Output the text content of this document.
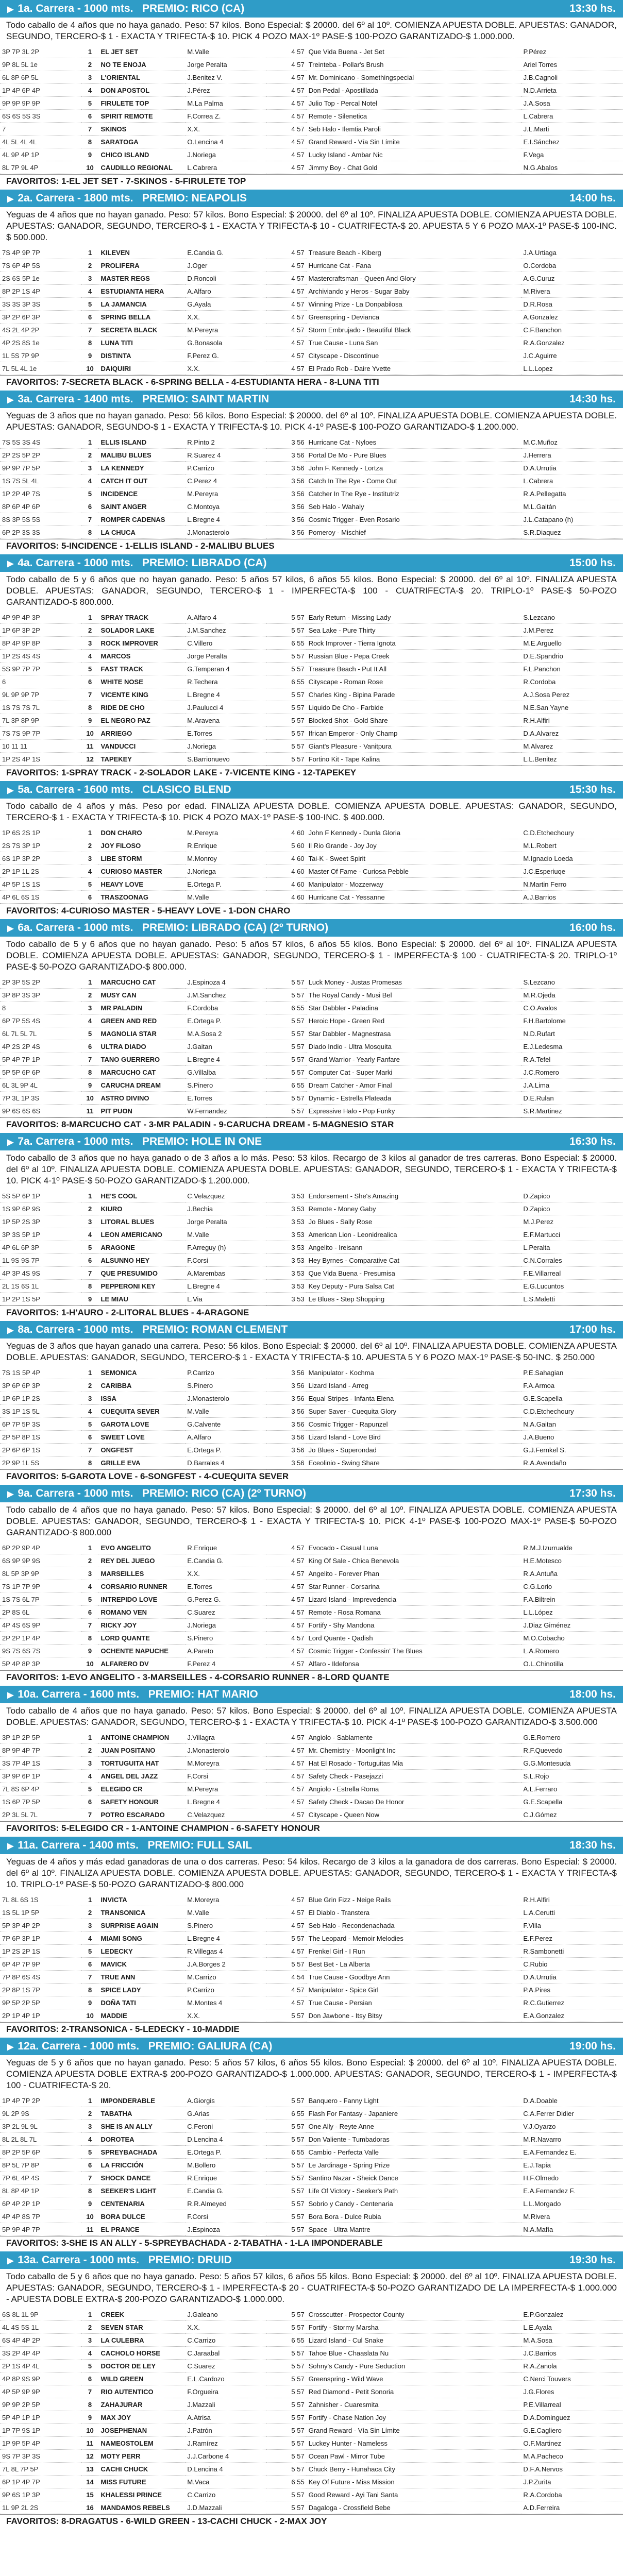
▶ 1a. Carrera - 1000 mts. PREMIO: RICO (CA)	13:30 hs.
Todo caballo de 4 años que no haya ganado. Peso: 57 kilos. Bono Especial: $ 20000. del 6º al 10º. COMIENZA APUESTA DOBLE. APUESTAS: GANADOR, SEGUNDO, TERCERO-$ 1 - EXACTA Y TRIFECTA-$ 10. PICK 4 POZO MAX-1º PASE-$ 100-POZO GARANTIZADO-$ 1.000.000.
3P 7P 3L 2P	1	EL JET SET	M.Valle	4 57	Que Vida Buena - Jet Set	P.Pérez
9P 8L 5L 1e	2	NO TE ENOJA	Jorge Peralta	4 57	Treinteba - Pollar's Brush	Ariel Torres
6L 8P 6P 5L	3	L'ORIENTAL	J.Benitez V.	4 57	Mr. Dominicano - Somethingspecial	J.B.Cagnoli
1P 4P 6P 4P	4	DON APOSTOL	J.Pérez	4 57	Don Pedal - Apostillada	N.D.Arrieta
9P 9P 9P 9P	5	FIRULETE TOP	M.La Palma	4 57	Julio Top - Percal Notel	J.A.Sosa
6S 6S 5S 3S	6	SPIRIT REMOTE	F.Correa Z.	4 57	Remote - Silenetica	L.Cabrera
7	7	SKINOS	X.X.	4 57	Seb Halo - Ilemtia Paroli	J.L.Marti
4L 5L 4L 4L	8	SARATOGA	O.Lencina 4	4 57	Grand Reward - Vía Sin Límite	E.I.Sánchez
4L 9P 4P 1P	9	CHICO ISLAND	J.Noriega	4 57	Lucky Island - Ambar Nic	F.Vega
8L 7P 9L 4P	10	CAUDILLO REGIONAL	L.Cabrera	4 57	Jimmy Boy - Chat Gold	N.G.Abalos
FAVORITOS: 1-EL JET SET - 7-SKINOS - 5-FIRULETE TOP
▶ 2a. Carrera - 1800 mts. PREMIO: NEAPOLIS	14:00 hs.
Yeguas de 4 años que no hayan ganado. Peso: 57 kilos. Bono Especial: $ 20000. del 6º al 10º. FINALIZA APUESTA DOBLE. COMIENZA APUESTA DOBLE. APUESTAS: GANADOR, SEGUNDO, TERCERO-$ 1 - EXACTA Y TRIFECTA-$ 10 - CUATRIFECTA-$ 20. APUESTA 5 Y 6 POZO MAX-1º PASE-$ 100-INC. $ 500.000.
7S 4P 9P 7P	1	KILEVEN	E.Candia G.	4 57	Treasure Beach - Kiberg	J.A.Urtiaga
7S 6P 4P 5S	2	PROLIFERA	J.Oger	4 57	Hurricane Cat - Fana	O.Cordoba
2S 6S 5P 1e	3	MASTER REGS	D.Roncoli	4 57	Mastercraftsman - Queen And Glory	A.G.Curuz
8P 2P 1S 4P	4	ESTUDIANTA HERA	A.Alfaro	4 57	Archiviando y Heros - Sugar Baby	M.Rivera
3S 3S 3P 3S	5	LA JAMANCIA	G.Ayala	4 57	Winning Prize - La Donpabilosa	D.R.Rosa
3P 2P 6P 3P	6	SPRING BELLA	X.X.	4 57	Greenspring - Devianca	A.Gonzalez
4S 2L 4P 2P	7	SECRETA BLACK	M.Pereyra	4 57	Storm Embrujado - Beautiful Black	C.F.Banchon
4P 2S 8S 1e	8	LUNA TITI	G.Bonasola	4 57	True Cause - Luna San	R.A.Gonzalez
1L 5S 7P 9P	9	DISTINTA	F.Perez G.	4 57	Cityscape - Discontinue	J.C.Aguirre
7L 5L 4L 1e	10	DAIQUIRI	X.X.	4 57	El Prado Rob - Daire Yvette	L.L.Lopez
FAVORITOS: 7-SECRETA BLACK - 6-SPRING BELLA - 4-ESTUDIANTA HERA - 8-LUNA TITI
▶ 3a. Carrera - 1400 mts. PREMIO: SAINT MARTIN	14:30 hs.
Yeguas de 3 años que no hayan ganado. Peso: 56 kilos. Bono Especial: $ 20000. del 6º al 10º. FINALIZA APUESTA DOBLE. COMIENZA APUESTA DOBLE. APUESTAS: GANADOR, SEGUNDO-$ 1 - EXACTA Y TRIFECTA-$ 10. PICK 4-1º PASE-$ 100-POZO GARANTIZADO-$ 1.200.000.
7S 5S 3S 4S	1	ELLIS ISLAND	R.Pinto 2	3 56	Hurricane Cat - Nyloes	M.C.Muñoz
2P 2S 5P 2P	2	MALIBU BLUES	R.Suarez 4	3 56	Portal De Mo - Pure Blues	J.Herrera
9P 9P 7P 5P	3	LA KENNEDY	P.Carrizo	3 56	John F. Kennedy - Lortza	D.A.Urrutia
1S 7S 5L 4L	4	CATCH IT OUT	C.Perez 4	3 56	Catch In The Rye - Come Out	L.Cabrera
1P 2P 4P 7S	5	INCIDENCE	M.Pereyra	3 56	Catcher In The Rye - Institutriz	R.A.Pellegatta
8P 6P 4P 6P	6	SAINT ANGER	C.Montoya	3 56	Seb Halo - Wahaly	M.L.Gaitán
8S 3P 5S 5S	7	ROMPER CADENAS	L.Bregne 4	3 56	Cosmic Trigger - Even Rosario	J.L.Catapano (h)
6P 2P 3S 3S	8	LA CHUCA	J.Monasterolo	3 56	Pomeroy - Mischief	S.R.Diaquez
FAVORITOS: 5-INCIDENCE - 1-ELLIS ISLAND - 2-MALIBU BLUES
▶ 4a. Carrera - 1000 mts. PREMIO: LIBRADO (CA)	15:00 hs.
Todo caballo de 5 y 6 años que no hayan ganado. Peso: 5 años 57 kilos, 6 años 55 kilos. Bono Especial: $ 20000. del 6º al 10º. FINALIZA APUESTA DOBLE. APUESTAS: GANADOR, SEGUNDO, TERCERO-$ 1 - IMPERFECTA-$ 100 - CUATRIFECTA-$ 20. TRIPLO-1º PASE-$ 50-POZO GARANTIZADO-$ 800.000.
4P 9P 4P 3P	1	SPRAY TRACK	A.Alfaro 4	5 57	Early Return - Missing Lady	S.Lezcano
1P 6P 3P 2P	2	SOLADOR LAKE	J.M.Sanchez	5 57	Sea Lake - Pure Thirty	J.M.Perez
8P 4P 9P 8P	3	ROCK IMPROVER	C.Villero	6 55	Rock Improver - Tierra Ignota	M.E.Arguello
1P 2S 4S 4S	4	MARCOS	Jorge Peralta	5 57	Russian Blue - Pepa Creek	D.E.Spandrio
5S 9P 7P 7P	5	FAST TRACK	G.Temperan 4	5 57	Treasure Beach - Put It All	F.L.Panchon
6	6	WHITE NOSE	R.Techera	6 55	Cityscape - Roman Rose	R.Cordoba
9L 9P 9P 7P	7	VICENTE KING	L.Bregne 4	5 57	Charles King - Bipina Parade	A.J.Sosa Perez
1S 7S 7S 7L	8	RIDE DE CHO	J.Paulucci 4	5 57	Liquido De Cho - Farbide	N.E.San Yayne
7L 3P 8P 9P	9	EL NEGRO PAZ	M.Aravena	5 57	Blocked Shot - Gold Share	R.H.Alfiri
7S 7S 9P 7P	10	ARRIEGO	E.Torres	5 57	Ifrican Emperor - Only Champ	D.A.Alvarez
10 11 11	11	VANDUCCI	J.Noriega	5 57	Giant's Pleasure - Vanitpura	M.Alvarez
1P 2S 4P 1S	12	TAPEKEY	S.Barrionuevo	5 57	Fortino Kit - Tape Kalina	L.L.Benitez
FAVORITOS: 1-SPRAY TRACK - 2-SOLADOR LAKE - 7-VICENTE KING - 12-TAPEKEY
▶ 5a. Carrera - 1600 mts. CLASICO BLEND	15:30 hs.
Todo caballo de 4 años y más. Peso por edad. FINALIZA APUESTA DOBLE. COMIENZA APUESTA DOBLE. APUESTAS: GANADOR, SEGUNDO, TERCERO-$ 1 - EXACTA Y TRIFECTA-$ 10. PICK 4 POZO MAX-1º PASE-$ 100-INC. $ 400.000.
1P 6S 2S 1P	1	DON CHARO	M.Pereyra	4 60	John F Kennedy - Dunla Gloria	C.D.Etchechoury
2S 7S 3P 1P	2	JOY FILOSO	R.Enrique	5 60	Il Rio Grande - Joy Joy	M.L.Robert
6S 1P 3P 2P	3	LIBE STORM	M.Monroy	4 60	Tai-K - Sweet Spirit	M.Ignacio Loeda
2P 1P 1L 2S	4	CURIOSO MASTER	J.Noriega	4 60	Master Of Fame - Curiosa Pebble	J.C.Esperiuqe
4P 5P 1S 1S	5	HEAVY LOVE	E.Ortega P.	4 60	Manipulator - Mozzerway	N.Martin Ferro
4P 6L 6S 1S	6	TRASZOONAG	M.Valle	4 60	Hurricane Cat - Yessanne	A.J.Barrios
FAVORITOS: 4-CURIOSO MASTER - 5-HEAVY LOVE - 1-DON CHARO
▶ 6a. Carrera - 1000 mts. PREMIO: LIBRADO (CA) (2º TURNO)	16:00 hs.
Todo caballo de 5 y 6 años que no hayan ganado. Peso: 5 años 57 kilos, 6 años 55 kilos. Bono Especial: $ 20000. del 6º al 10º. FINALIZA APUESTA DOBLE. COMIENZA APUESTA DOBLE. APUESTAS: GANADOR, SEGUNDO, TERCERO-$ 1 - IMPERFECTA-$ 100 - CUATRIFECTA-$ 20. TRIPLO-1º PASE-$ 50-POZO GARANTIZADO-$ 800.000.
2P 3P 5S 2P	1	MARCUCHO CAT	J.Espinoza 4	5 57	Luck Money - Justas Promesas	S.Lezcano
3P 8P 3S 3P	2	MUSY CAN	J.M.Sanchez	5 57	The Royal Candy - Musi Bel	M.R.Ojeda
8	3	MR PALADIN	F.Cordoba	6 55	Star Dabbler - Paladina	C.O.Avalos
6P 7P 5S 4S	4	GREEN AND RED	E.Ortega P.	5 57	Heroic Hope - Green Red	F.H.Bartolome
6L 7L 5L 7L	5	MAGNOLIA STAR	M.A.Sosa 2	5 57	Star Dabbler - Magnestrasa	N.D.Rufart
4P 2S 2P 4S	6	ULTRA DIADO	J.Gaitan	5 57	Diado Indio - Ultra Mosquita	E.J.Ledesma
5P 4P 7P 1P	7	TANO GUERRERO	L.Bregne 4	5 57	Grand Warrior - Yearly Fanfare	R.A.Tefel
5P 5P 6P 6P	8	MARCUCHO CAT	G.Villalba	5 57	Computer Cat - Super Marki	J.C.Romero
6L 3L 9P 4L	9	CARUCHA DREAM	S.Pinero	6 55	Dream Catcher - Amor Final	J.A.Lima
7P 3L 1P 3S	10	ASTRO DIVINO	E.Torres	5 57	Dynamic - Estrella Plateada	D.E.Rulan
9P 6S 6S 6S	11	PIT PUON	W.Fernandez	5 57	Expressive Halo - Pop Funky	S.R.Martinez
FAVORITOS: 8-MARCUCHO CAT - 3-MR PALADIN - 9-CARUCHA DREAM - 5-MAGNESIO STAR
▶ 7a. Carrera - 1000 mts. PREMIO: HOLE IN ONE	16:30 hs.
Todo caballo de 3 años que no haya ganado o de 3 años a lo más. Peso: 53 kilos. Recargo de 3 kilos al ganador de tres carreras. Bono Especial: $ 20000. del 6º al 10º. FINALIZA APUESTA DOBLE. COMIENZA APUESTA DOBLE. APUESTAS: GANADOR, SEGUNDO, TERCERO-$ 1 - EXACTA Y TRIFECTA-$ 10. PICK 4-1º PASE-$ 50-POZO GARANTIZADO-$ 1.200.000.
5S 5P 6P 1P	1	HE'S COOL	C.Velazquez	3 53	Endorsement - She's Amazing	D.Zapico
1S 9P 6P 9S	2	KIURO	J.Bechia	3 53	Remote - Money Gaby	D.Zapico
1P 5P 2S 3P	3	LITORAL BLUES	Jorge Peralta	3 53	Jo Blues - Sally Rose	M.J.Perez
3P 3S 5P 1P	4	LEON AMERICANO	M.Valle	3 53	American Lion - Leonidrealica	E.F.Martucci
4P 6L 6P 3P	5	ARAGONE	F.Arreguy (h)	3 53	Angelito - Ireisann	L.Peralta
1L 9S 9S 7P	6	ALSUNNO HEY	F.Corsi	3 53	Hey Byrnes - Comparative Cat	C.N.Corrales
4P 3P 4S 9S	7	QUE PRESUMIDO	A.Marembas	3 53	Que Vida Buena - Presumisa	F.E.Villarreal
2L 1S 6S 1L	8	PEPPERONI KEY	L.Bregne 4	3 53	Key Deputy - Pura Salsa Cat	E.G.Lucuntos
1P 2P 1S 5P	9	LE MIAU	L.Via	3 53	Le Blues - Step Shopping	L.S.Maletti
FAVORITOS: 1-H'AURO - 2-LITORAL BLUES - 4-ARAGONE
▶ 8a. Carrera - 1000 mts. PREMIO: ROMAN CLEMENT	17:00 hs.
Yeguas de 3 años que hayan ganado una carrera. Peso: 56 kilos. Bono Especial: $ 20000. del 6º al 10º. FINALIZA APUESTA DOBLE. COMIENZA APUESTA DOBLE. APUESTAS: GANADOR, SEGUNDO, TERCERO-$ 1 - EXACTA Y TRIFECTA-$ 10. APUESTA 5 Y 6 POZO MAX-1º PASE-$ 50-INC. $ 250.000
7S 1S 5P 4P	1	SEMONICA	P.Carrizo	3 56	Manipulator - Kochma	P.E.Sahagian
3P 6P 6P 3P	2	CARIBBA	S.Pinero	3 56	Lizard Island - Arreg	F.A.Armoa
1P 6P 1P 2S	3	ISSA	J.Monasterolo	3 56	Equal Stripes - Infanta Elena	G.E.Scapella
3S 1P 1S 5L	4	CUEQUITA SEVER	M.Valle	3 56	Super Saver - Cuequita Glory	C.D.Etchechoury
6P 7P 5P 3S	5	GAROTA LOVE	G.Calvente	3 56	Cosmic Trigger - Rapunzel	N.A.Gaitan
2P 5P 8P 1S	6	SWEET LOVE	A.Alfaro	3 56	Lizard Island - Love Bird	J.A.Bueno
2P 6P 6P 1S	7	ONGFEST	E.Ortega P.	3 56	Jo Blues - Superondad	G.J.Fernkel S.
2P 9P 1L 5S	8	GRILLE EVA	D.Barrales 4	3 56	Eceolinio - Swing Share	R.A.Avendaño
FAVORITOS: 5-GAROTA LOVE - 6-SONGFEST - 4-CUEQUITA SEVER
▶ 9a. Carrera - 1000 mts. PREMIO: RICO (CA) (2º TURNO)	17:30 hs.
Todo caballo de 4 años que no haya ganado. Peso: 57 kilos. Bono Especial: $ 20000. del 6º al 10º. FINALIZA APUESTA DOBLE. COMIENZA APUESTA DOBLE. APUESTAS: GANADOR, SEGUNDO, TERCERO-$ 1 - EXACTA Y TRIFECTA-$ 10. PICK 4-1º PASE-$ 100-POZO MAX-1º PASE-$ 50-POZO GARANTIZADO-$ 800.000
6P 2P 9P 4P	1	EVO ANGELITO	R.Enrique	4 57	Evocado - Casual Luna	R.M.J.Izurrualde
6S 9P 9P 9S	2	REY DEL JUEGO	E.Candia G.	4 57	King Of Sale - Chica Benevola	H.E.Motesco
8L 5P 3P 9P	3	MARSEILLES	X.X.	4 57	Angelito - Forever Phan	R.A.Antuña
7S 1P 7P 9P	4	CORSARIO RUNNER	E.Torres	4 57	Star Runner - Corsarina	C.G.Lorio
1S 7S 6L 7P	5	INTREPIDO LOVE	G.Perez G.	4 57	Lizard Island - Imprevedencia	F.A.Biltrein
2P 8S 6L	6	ROMANO VEN	C.Suarez	4 57	Remote - Rosa Romana	L.L.López
4P 4S 6S 9P	7	RICKY JOY	J.Noriega	4 57	Fortify - Shy Mandona	J.Diaz Giménez
2P 2P 1P 4P	8	LORD QUANTE	S.Pinero	4 57	Lord Quante - Qadish	M.O.Cobacho
9S 7S 6S 7S	9	OCHENTE NAPUCHE	A.Pareto	4 57	Cosmic Trigger - Confessin' The Blues	L.A.Romero
5P 4P 8P 3P	10	ALFARERO DV	F.Perez 4	4 57	Alfaro - Ildefonsa	O.L.Chinotilla
FAVORITOS: 1-EVO ANGELITO - 3-MARSEILLES - 4-CORSARIO RUNNER - 8-LORD QUANTE
▶ 10a. Carrera - 1600 mts. PREMIO: HAT MARIO	18:00 hs.
Todo caballo de 4 años que no haya ganado. Peso: 57 kilos. Bono Especial: $ 20000. del 6º al 10º. FINALIZA APUESTA DOBLE. COMIENZA APUESTA DOBLE. APUESTAS: GANADOR, SEGUNDO, TERCERO-$ 1 - EXACTA Y TRIFECTA-$ 10. PICK 4-1º PASE-$ 100-POZO GARANTIZADO-$ 3.500.000
3P 1P 2P 5P	1	ANTOINE CHAMPION	J.Villagra	4 57	Angiolo - Sablamente	G.E.Romero
8P 9P 4P 7P	2	JUAN POSITANO	J.Monasterolo	4 57	Mr. Chemistry - Moonlight Inc	R.F.Quevedo
3S 7P 4P 1S	3	TORTUGUITA HAT	M.Moreyra	4 57	Hat El Rosado - Tortuguitas Mia	G.G.Montesuda
3P 9P 6P 1P	4	ANGEL DEL JAZZ	F.Corsi	4 57	Safety Check - Pasejazzi	S.L.Rojo
7L 8S 6P 4P	5	ELEGIDO CR	M.Pereyra	4 57	Angiolo - Estrella Roma	A.L.Ferraro
1S 6P 7P 5P	6	SAFETY HONOUR	L.Bregne 4	4 57	Safety Check - Dacao De Honor	G.E.Scapella
2P 3L 5L 7L	7	POTRO ESCARADO	C.Velazquez	4 57	Cityscape - Queen Now	C.J.Gómez
FAVORITOS: 5-ELEGIDO CR - 1-ANTOINE CHAMPION - 6-SAFETY HONOUR
▶ 11a. Carrera - 1400 mts. PREMIO: FULL SAIL	18:30 hs.
Yeguas de 4 años y más edad ganadoras de una o dos carreras. Peso: 54 kilos. Recargo de 3 kilos a la ganadora de dos carreras. Bono Especial: $ 20000. del 6º al 10º. FINALIZA APUESTA DOBLE. COMIENZA APUESTA DOBLE. APUESTAS: GANADOR, SEGUNDO, TERCERO-$ 1 - EXACTA Y TRIFECTA-$ 10. TRIPLO-1º PASE-$ 50-POZO GARANTIZADO-$ 800.000
7L 8L 6S 1S	1	INVICTA	M.Moreyra	4 57	Blue Grin Fizz - Neige Rails	R.H.Alfiri
1S 5L 1P 5P	2	TRANSONICA	M.Valle	4 57	El Diablo - Transtera	L.A.Cerutti
5P 3P 4P 2P	3	SURPRISE AGAIN	S.Pinero	4 57	Seb Halo - Recondenachada	F.Villa
7P 6P 3P 1P	4	MIAMI SONG	L.Bregne 4	5 57	The Leopard - Memoir Melodies	E.F.Perez
1P 2S 2P 1S	5	LEDECKY	R.Villegas 4	4 57	Frenkel Girl - I Run	R.Sambonetti
6P 4P 7P 9P	6	MAVICK	J.A.Borges 2	5 57	Best Bet - La Alberta	C.Rubio
7P 8P 6S 4S	7	TRUE ANN	M.Carrizo	4 54	True Cause - Goodbye Ann	D.A.Urrutia
2P 8P 1S 7P	8	SPICE LADY	P.Carrizo	4 57	Manipulator - Spice Girl	P.A.Pires
9P 5P 2P 5P	9	DOÑA TATI	M.Montes 4	4 57	True Cause - Persian	R.C.Gutierrez
2P 1P 4P 1P	10	MADDIE	X.X.	5 57	Don Jawbone - Itsy Bitsy	E.A.Gonzalez
FAVORITOS: 2-TRANSONICA - 5-LEDECKY - 10-MADDIE
▶ 12a. Carrera - 1000 mts. PREMIO: GALIURA (CA)	19:00 hs.
Yeguas de 5 y 6 años que no hayan ganado. Peso: 5 años 57 kilos, 6 años 55 kilos. Bono Especial: $ 20000. del 6º al 10º. FINALIZA APUESTA DOBLE. COMIENZA APUESTA DOBLE EXTRA-$ 200-POZO GARANTIZADO-$ 1.000.000. APUESTAS: GANADOR, SEGUNDO, TERCERO-$ 1 - IMPERFECTA-$ 100 - CUATRIFECTA-$ 20.
1P 4P 7P 2P	1	IMPONDERABLE	A.Giorgis	5 57	Banquero - Fanny Light	D.A.Doable
9L 2P 9S	2	TABATHA	G.Arias	6 55	Flash For Fantasy - Japaniere	C.A.Ferrer Didier
3P 2L 9L 9L	3	SHE IS AN ALLY	C.Feroni	5 57	One Ally - Reyte Anne	V.J.Oyarzo
8L 2L 8L 7L	4	DOROTEA	D.Lencina 4	5 57	Don Valiente - Tumbadoras	M.R.Navarro
8P 2P 5P 6P	5	SPREYBACHADA	E.Ortega P.	6 55	Cambio - Perfecta Valle	E.A.Fernandez E.
8P 5L 7P 8P	6	LA FRICCIÓN	M.Bollero	5 57	Le Jardinage - Spring Prize	E.J.Tapia
7P 6L 4P 4S	7	SHOCK DANCE	R.Enrique	5 57	Santino Nazar - Sheick Dance	H.F.Olmedo
8L 8P 4P 1P	8	SEEKER'S LIGHT	E.Candia G.	5 57	Life Of Victory - Seeker's Path	E.A.Fernandez F.
6P 4P 2P 1P	9	CENTENARIA	R.R.Almeyed	5 57	Sobrio y Candy - Centenaria	L.L.Morgado
4P 4P 8S 7P	10	BORA DULCE	F.Corsi	5 57	Bora Bora - Dulce Rubia	M.Rivera
5P 9P 4P 7P	11	EL PRANCE	J.Espinoza	5 57	Space - Ultra Mantre	N.A.Mafía
FAVORITOS: 3-SHE IS AN ALLY - 5-SPREYBACHADA - 2-TABATHA - 1-LA IMPONDERABLE
▶ 13a. Carrera - 1000 mts. PREMIO: DRUID	19:30 hs.
Todo caballo de 5 y 6 años que no haya ganado. Peso: 5 años 57 kilos, 6 años 55 kilos. Bono Especial: $ 20000. del 6º al 10º. FINALIZA APUESTA DOBLE. APUESTAS: GANADOR, SEGUNDO, TERCERO-$ 1 - IMPERFECTA-$ 20 - CUATRIFECTA-$ 50-POZO GARANTIZADO DE LA IMPERFECTA-$ 1.000.000 - APUESTA DOBLE EXTRA-$ 200-POZO GARANTIZADO-$ 1.000.000.
6S 8L 1L 9P	1	CREEK	J.Galeano	5 57	Crosscutter - Prospector County	E.P.Gonzalez
4L 4S 5S 1L	2	SEVEN STAR	X.X.	5 57	Fortify - Stormy Marsha	L.E.Ayala
6S 4P 4P 2P	3	LA CULEBRA	C.Carrizo	6 55	Lizard Island - Cul Snake	M.A.Sosa
3S 2P 4P 4P	4	CACHOLO HORSE	C.Jaraabal	5 57	Tahoe Blue - Chaaslata Nu	J.C.Barrios
2P 1S 4P 4L	5	DOCTOR DE LEY	C.Suarez	5 57	Sohny's Candy - Pure Seduction	R.A.Zanola
4P 8P 9S 9P	6	WILD GREEN	E.L.Cardozo	5 57	Greenspring - Wild Wave	C.Nerci Touvers
4P 5P 9P 9P	7	RIO AUTENTICO	F.Orgueira	5 57	Red Diamond - Petit Sonoria	J.G.Flores
9P 9P 2P 5P	8	ZAHAJURAR	J.Mazzali	5 57	Zahnisher - Cuaresmita	P.E.Villarreal
5P 4P 1P 1P	9	MAX JOY	A.Atrisa	5 57	Fortify - Chase Nation Joy	D.A.Dominguez
1P 7P 9S 1P	10	JOSEPHENAN	J.Patrón	5 57	Grand Reward - Vía Sin Límite	G.E.Cagliero
1P 9P 5P 4P	11	NAMEOSTOLEM	J.Ramírez	5 57	Luckey Hunter - Nameless	O.F.Martinez
9S 7P 3P 3S	12	MOTY PERR	J.J.Carbone 4	5 57	Ocean Pawl - Mirror Tube	M.A.Pacheco
7L 8L 7P 5P	13	CACHI CHUCK	D.Lencina 4	5 57	Chuck Berry - Hunahaca City	D.F.A.Nervos
6P 1P 4P 7P	14	MISS FUTURE	M.Vaca	6 55	Key Of Future - Miss Mission	J.P.Zurita
9P 6S 1P 3P	15	KHALESSI PRINCE	C.Carrizo	5 57	Good Reward - Ayi Tani Santa	R.A.Cordoba
1L 9P 2L 2S	16	MANDAMOS REBELS	J.D.Mazzali	5 57	Dagaloga - Crossfield Bebe	A.D.Ferreira
FAVORITOS: 8-DRAGATUS - 6-WILD GREEN - 13-CACHI CHUCK - 2-MAX JOY
